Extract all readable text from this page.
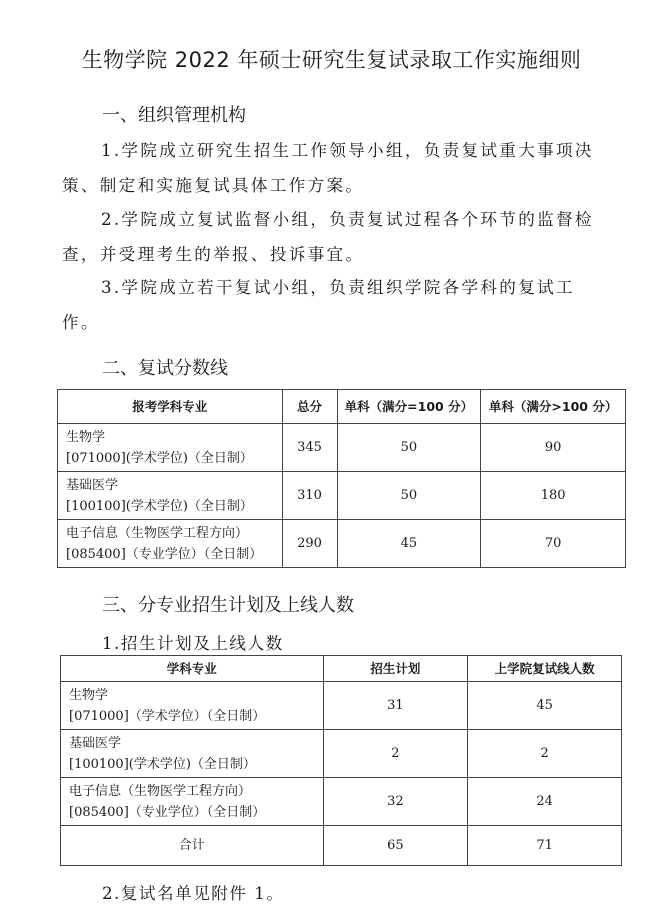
生物学院 2022 年硕士研究生复试录取工作实施细则
一、组织管理机构
1.学院成立研究生招生工作领导小组，负责复试重大事项决策、制定和实施复试具体工作方案。
2.学院成立复试监督小组，负责复试过程各个环节的监督检查，并受理考生的举报、投诉事宜。
3.学院成立若干复试小组，负责组织学院各学科的复试工作。
二、复试分数线
报考学科专业	总分	单科（满分=100 分）	单科（满分>100 分）

生物学
[071000](学术学位)（全日制）	345	50	90

基础医学
[100100](学术学位)（全日制）	310	50	180

电子信息（生物医学工程方向）
[085400]（专业学位）（全日制）	290	45	70
三、分专业招生计划及上线人数
1.招生计划及上线人数
学科专业	招生计划	上学院复试线人数

生物学
[071000]（学术学位）（全日制）	31	45

基础医学
[100100](学术学位)（全日制）	2	2

电子信息（生物医学工程方向）
[085400]（专业学位）（全日制）	32	24
合计	65	71
2.复试名单见附件 1。
